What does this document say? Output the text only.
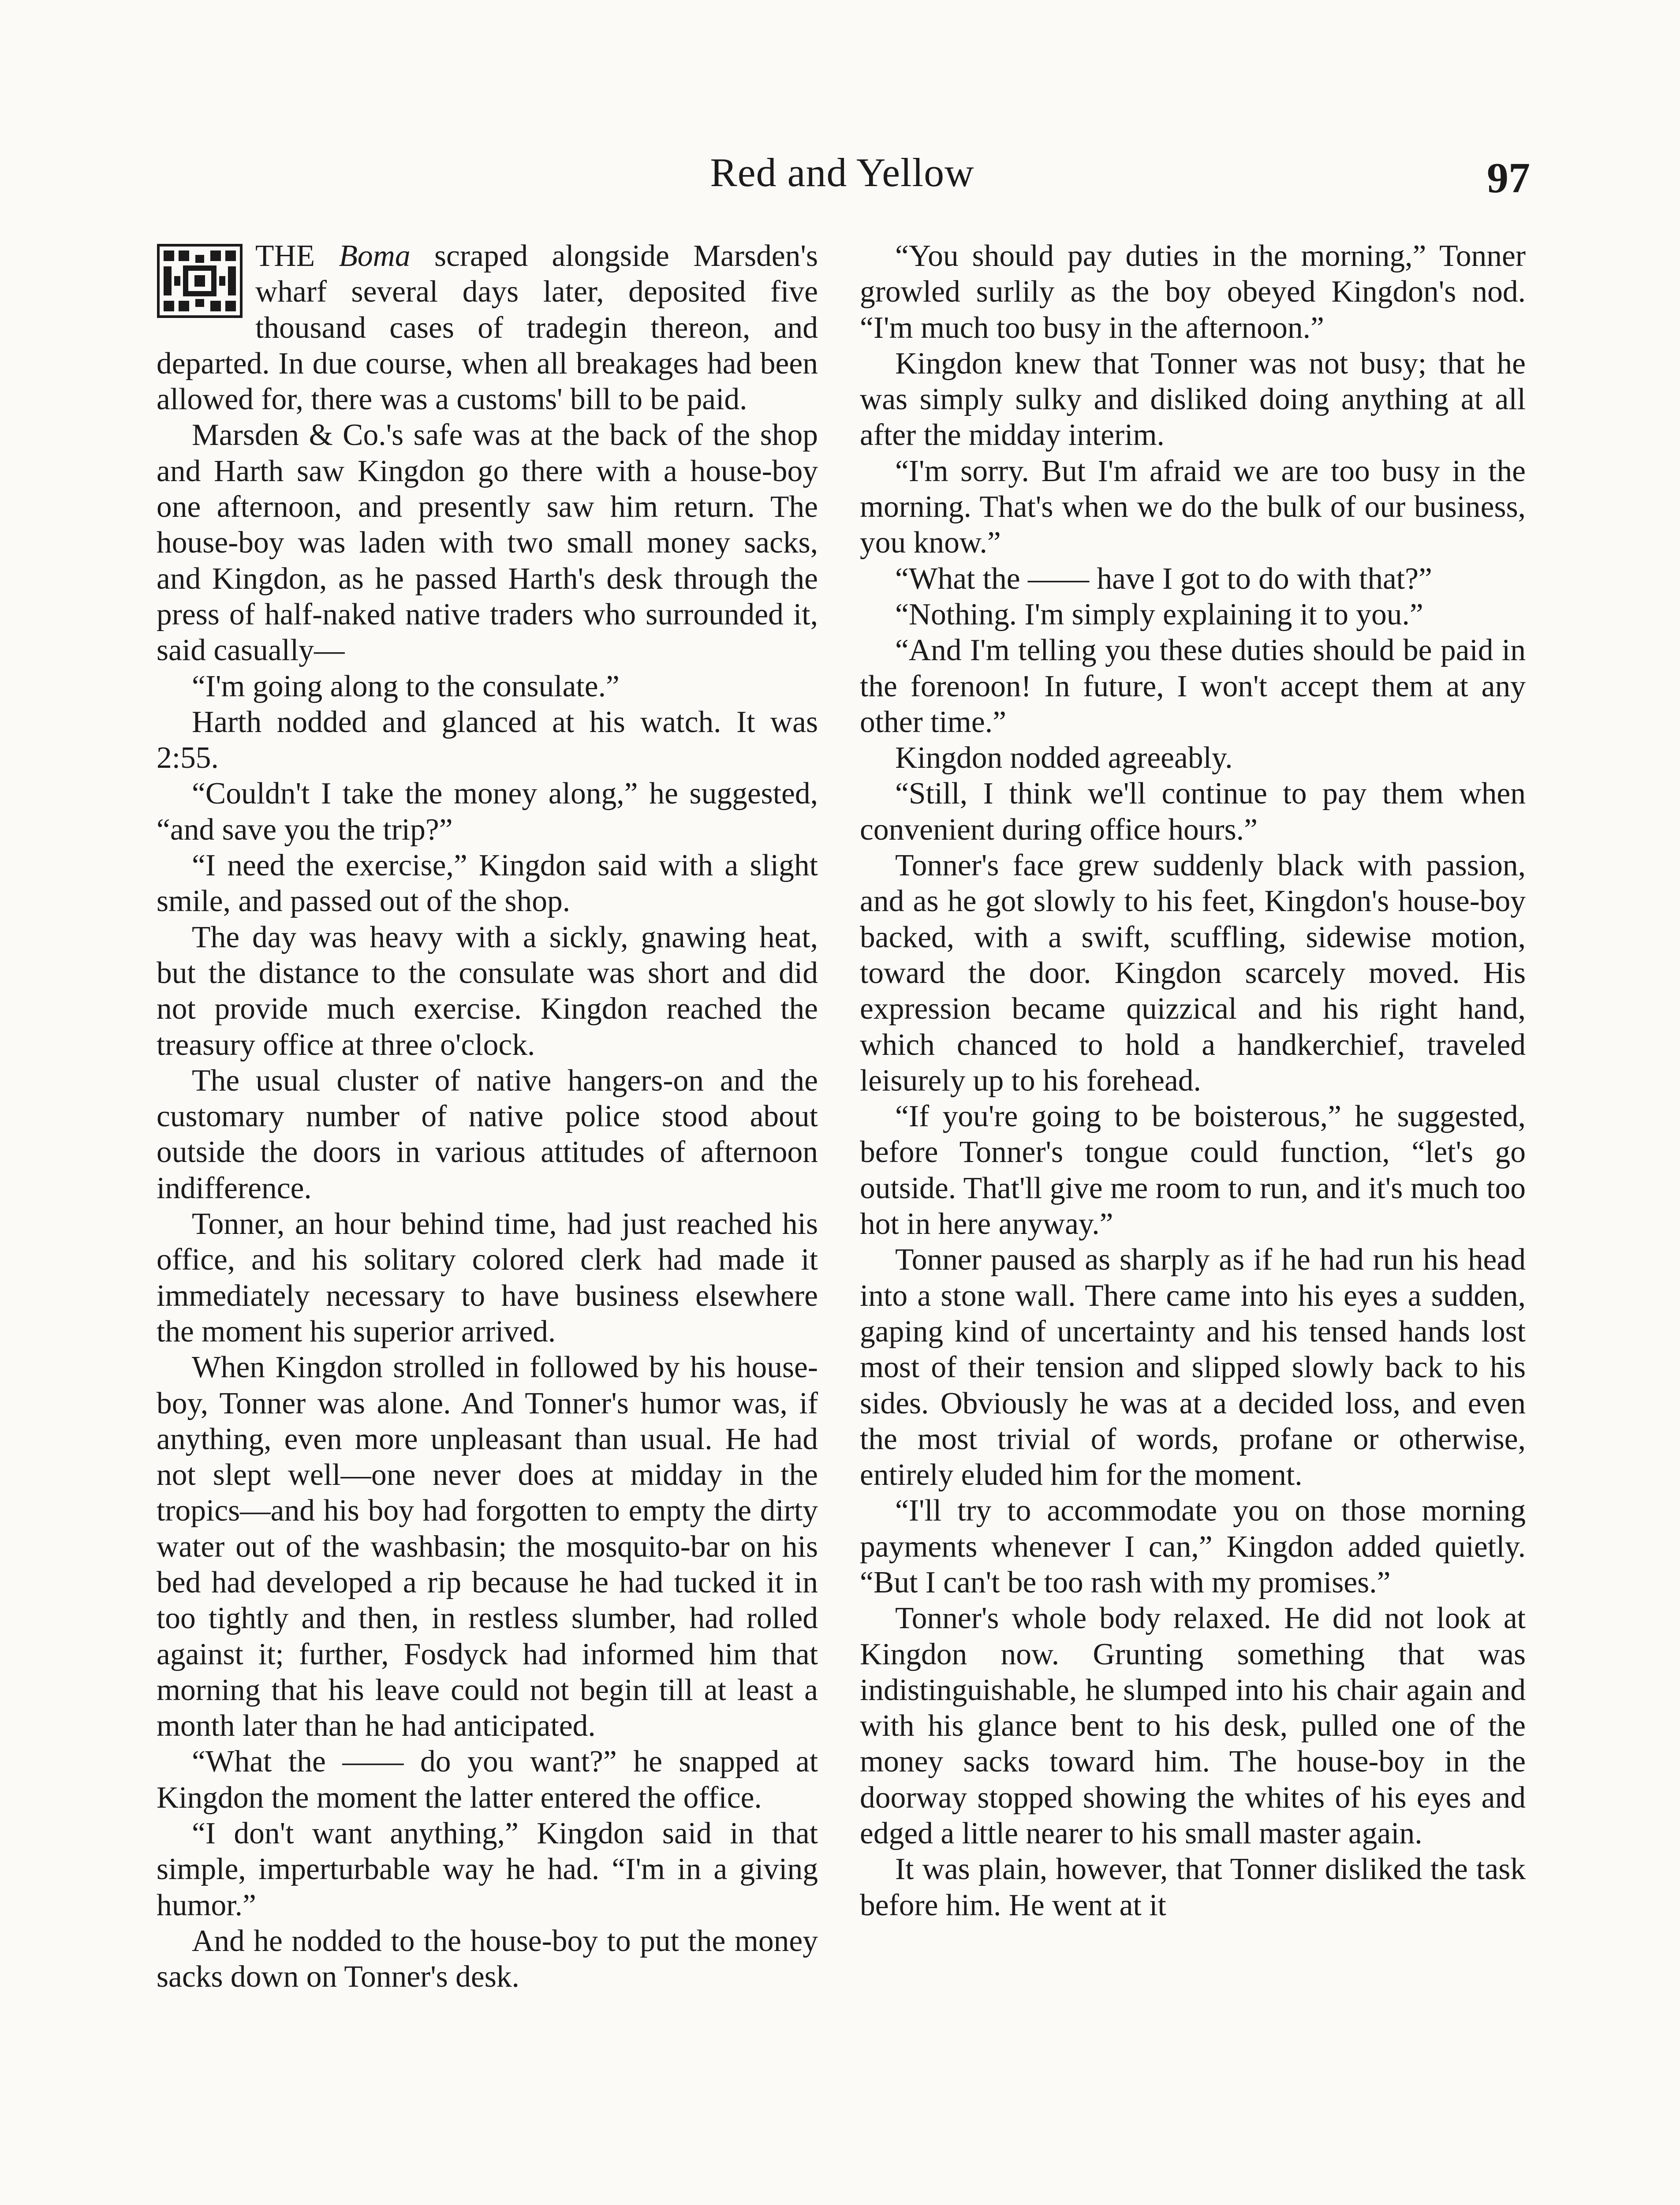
Red and Yellow	97

THE Boma scraped alongside Marsden's wharf several days later, deposited five thousand cases of tradegin thereon, and departed. In due course, when all breakages had been allowed for, there was a customs' bill to be paid.

Marsden & Co.'s safe was at the back of the shop and Harth saw Kingdon go there with a house-boy one afternoon, and presently saw him return. The house-boy was laden with two small money sacks, and Kingdon, as he passed Harth's desk through the press of half-naked native traders who surrounded it, said casually—

“I'm going along to the consulate.”

Harth nodded and glanced at his watch. It was 2:55.

“Couldn't I take the money along,” he suggested, “and save you the trip?”

“I need the exercise,” Kingdon said with a slight smile, and passed out of the shop.

The day was heavy with a sickly, gnawing heat, but the distance to the consulate was short and did not provide much exercise. Kingdon reached the treasury office at three o'clock.

The usual cluster of native hangers-on and the customary number of native police stood about outside the doors in various attitudes of afternoon indifference.

Tonner, an hour behind time, had just reached his office, and his solitary colored clerk had made it immediately necessary to have business elsewhere the moment his superior arrived.

When Kingdon strolled in followed by his house-boy, Tonner was alone. And Tonner's humor was, if anything, even more unpleasant than usual. He had not slept well—one never does at midday in the tropics—and his boy had forgotten to empty the dirty water out of the washbasin; the mosquito-bar on his bed had developed a rip because he had tucked it in too tightly and then, in restless slumber, had rolled against it; further, Fosdyck had informed him that morning that his leave could not begin till at least a month later than he had anticipated.

“What the —— do you want?” he snapped at Kingdon the moment the latter entered the office.

“I don't want anything,” Kingdon said in that simple, imperturbable way he had. “I'm in a giving humor.”

And he nodded to the house-boy to put the money sacks down on Tonner's desk.

“You should pay duties in the morning,” Tonner growled surlily as the boy obeyed Kingdon's nod. “I'm much too busy in the afternoon.”

Kingdon knew that Tonner was not busy; that he was simply sulky and disliked doing anything at all after the midday interim.

“I'm sorry. But I'm afraid we are too busy in the morning. That's when we do the bulk of our business, you know.”

“What the —— have I got to do with that?”

“Nothing. I'm simply explaining it to you.”

“And I'm telling you these duties should be paid in the forenoon! In future, I won't accept them at any other time.”

Kingdon nodded agreeably.

“Still, I think we'll continue to pay them when convenient during office hours.”

Tonner's face grew suddenly black with passion, and as he got slowly to his feet, Kingdon's house-boy backed, with a swift, scuffling, sidewise motion, toward the door. Kingdon scarcely moved. His expression became quizzical and his right hand, which chanced to hold a handkerchief, traveled leisurely up to his forehead.

“If you're going to be boisterous,” he suggested, before Tonner's tongue could function, “let's go outside. That'll give me room to run, and it's much too hot in here anyway.”

Tonner paused as sharply as if he had run his head into a stone wall. There came into his eyes a sudden, gaping kind of uncertainty and his tensed hands lost most of their tension and slipped slowly back to his sides. Obviously he was at a decided loss, and even the most trivial of words, profane or otherwise, entirely eluded him for the moment.

“I'll try to accommodate you on those morning payments whenever I can,” Kingdon added quietly. “But I can't be too rash with my promises.”

Tonner's whole body relaxed. He did not look at Kingdon now. Grunting something that was indistinguishable, he slumped into his chair again and with his glance bent to his desk, pulled one of the money sacks toward him. The house-boy in the doorway stopped showing the whites of his eyes and edged a little nearer to his small master again.

It was plain, however, that Tonner disliked the task before him. He went at it
